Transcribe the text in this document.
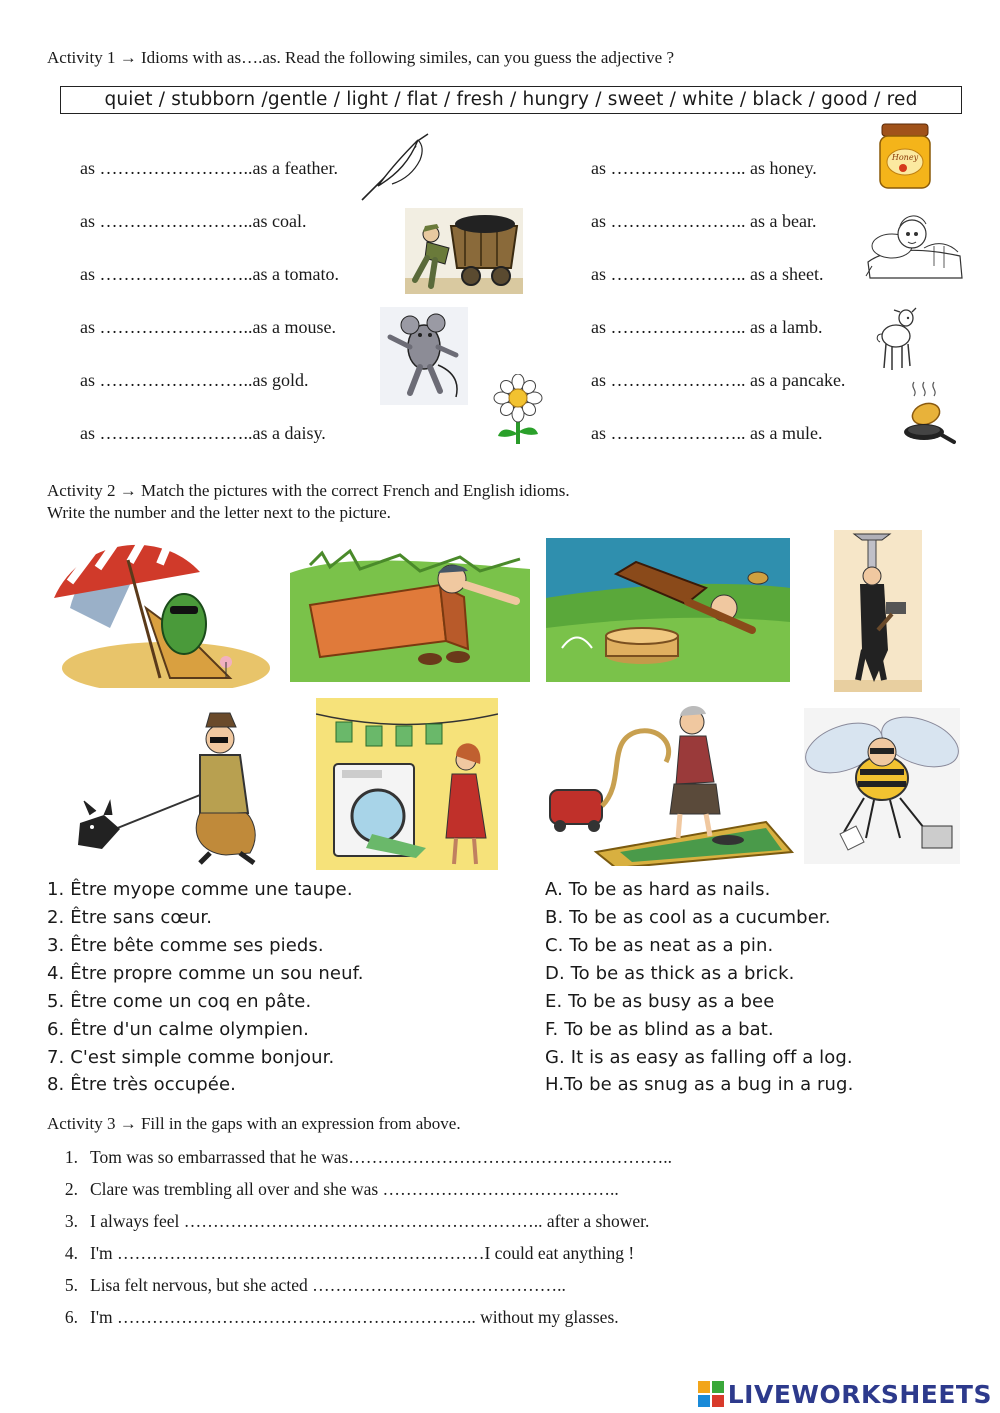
Activity 1 → Idioms with as….as. Read the following similes, can you guess the adjective ?
quiet / stubborn /gentle / light / flat / fresh / hungry / sweet / white / black / good / red
as ……………………..as a feather.
as ……………………..as coal.
as ……………………..as a tomato.
as ……………………..as a mouse.
as ……………………..as gold.
as ……………………..as a daisy.
as ………………….. as honey.
as ………………….. as a bear.
as ………………….. as a sheet.
as ………………….. as a lamb.
as ………………….. as a pancake.
as ………………….. as a mule.
Honey
Activity 2 → Match the pictures with the correct French and English idioms.
Write the number and the letter next to the picture.
1. Être myope comme une taupe.
2. Être sans cœur.
3. Être bête comme ses pieds.
4. Être propre comme un sou neuf.
5. Être come un coq en pâte.
6. Être d'un calme olympien.
7. C'est simple comme bonjour.
8. Être très occupée.
A. To be as hard as nails.
B. To be as cool as a cucumber.
C. To be as neat as a pin.
D. To be as thick as a brick.
E. To be as busy as a bee
F. To be as blind as a bat.
G. It is as easy as falling off a log.
H.To be as snug as a bug in a rug.
Activity 3 → Fill in the gaps with an expression from above.
1. Tom was so embarrassed that he was………………………………………………..
2. Clare was trembling all over and she was …………………………………..
3. I always feel …………………………………………………….. after a shower.
4. I'm ………………………………………………………I could eat anything !
5. Lisa felt nervous, but she acted ……………………………………..
6. I'm …………………………………………………….. without my glasses.
LIVEWORKSHEETS
